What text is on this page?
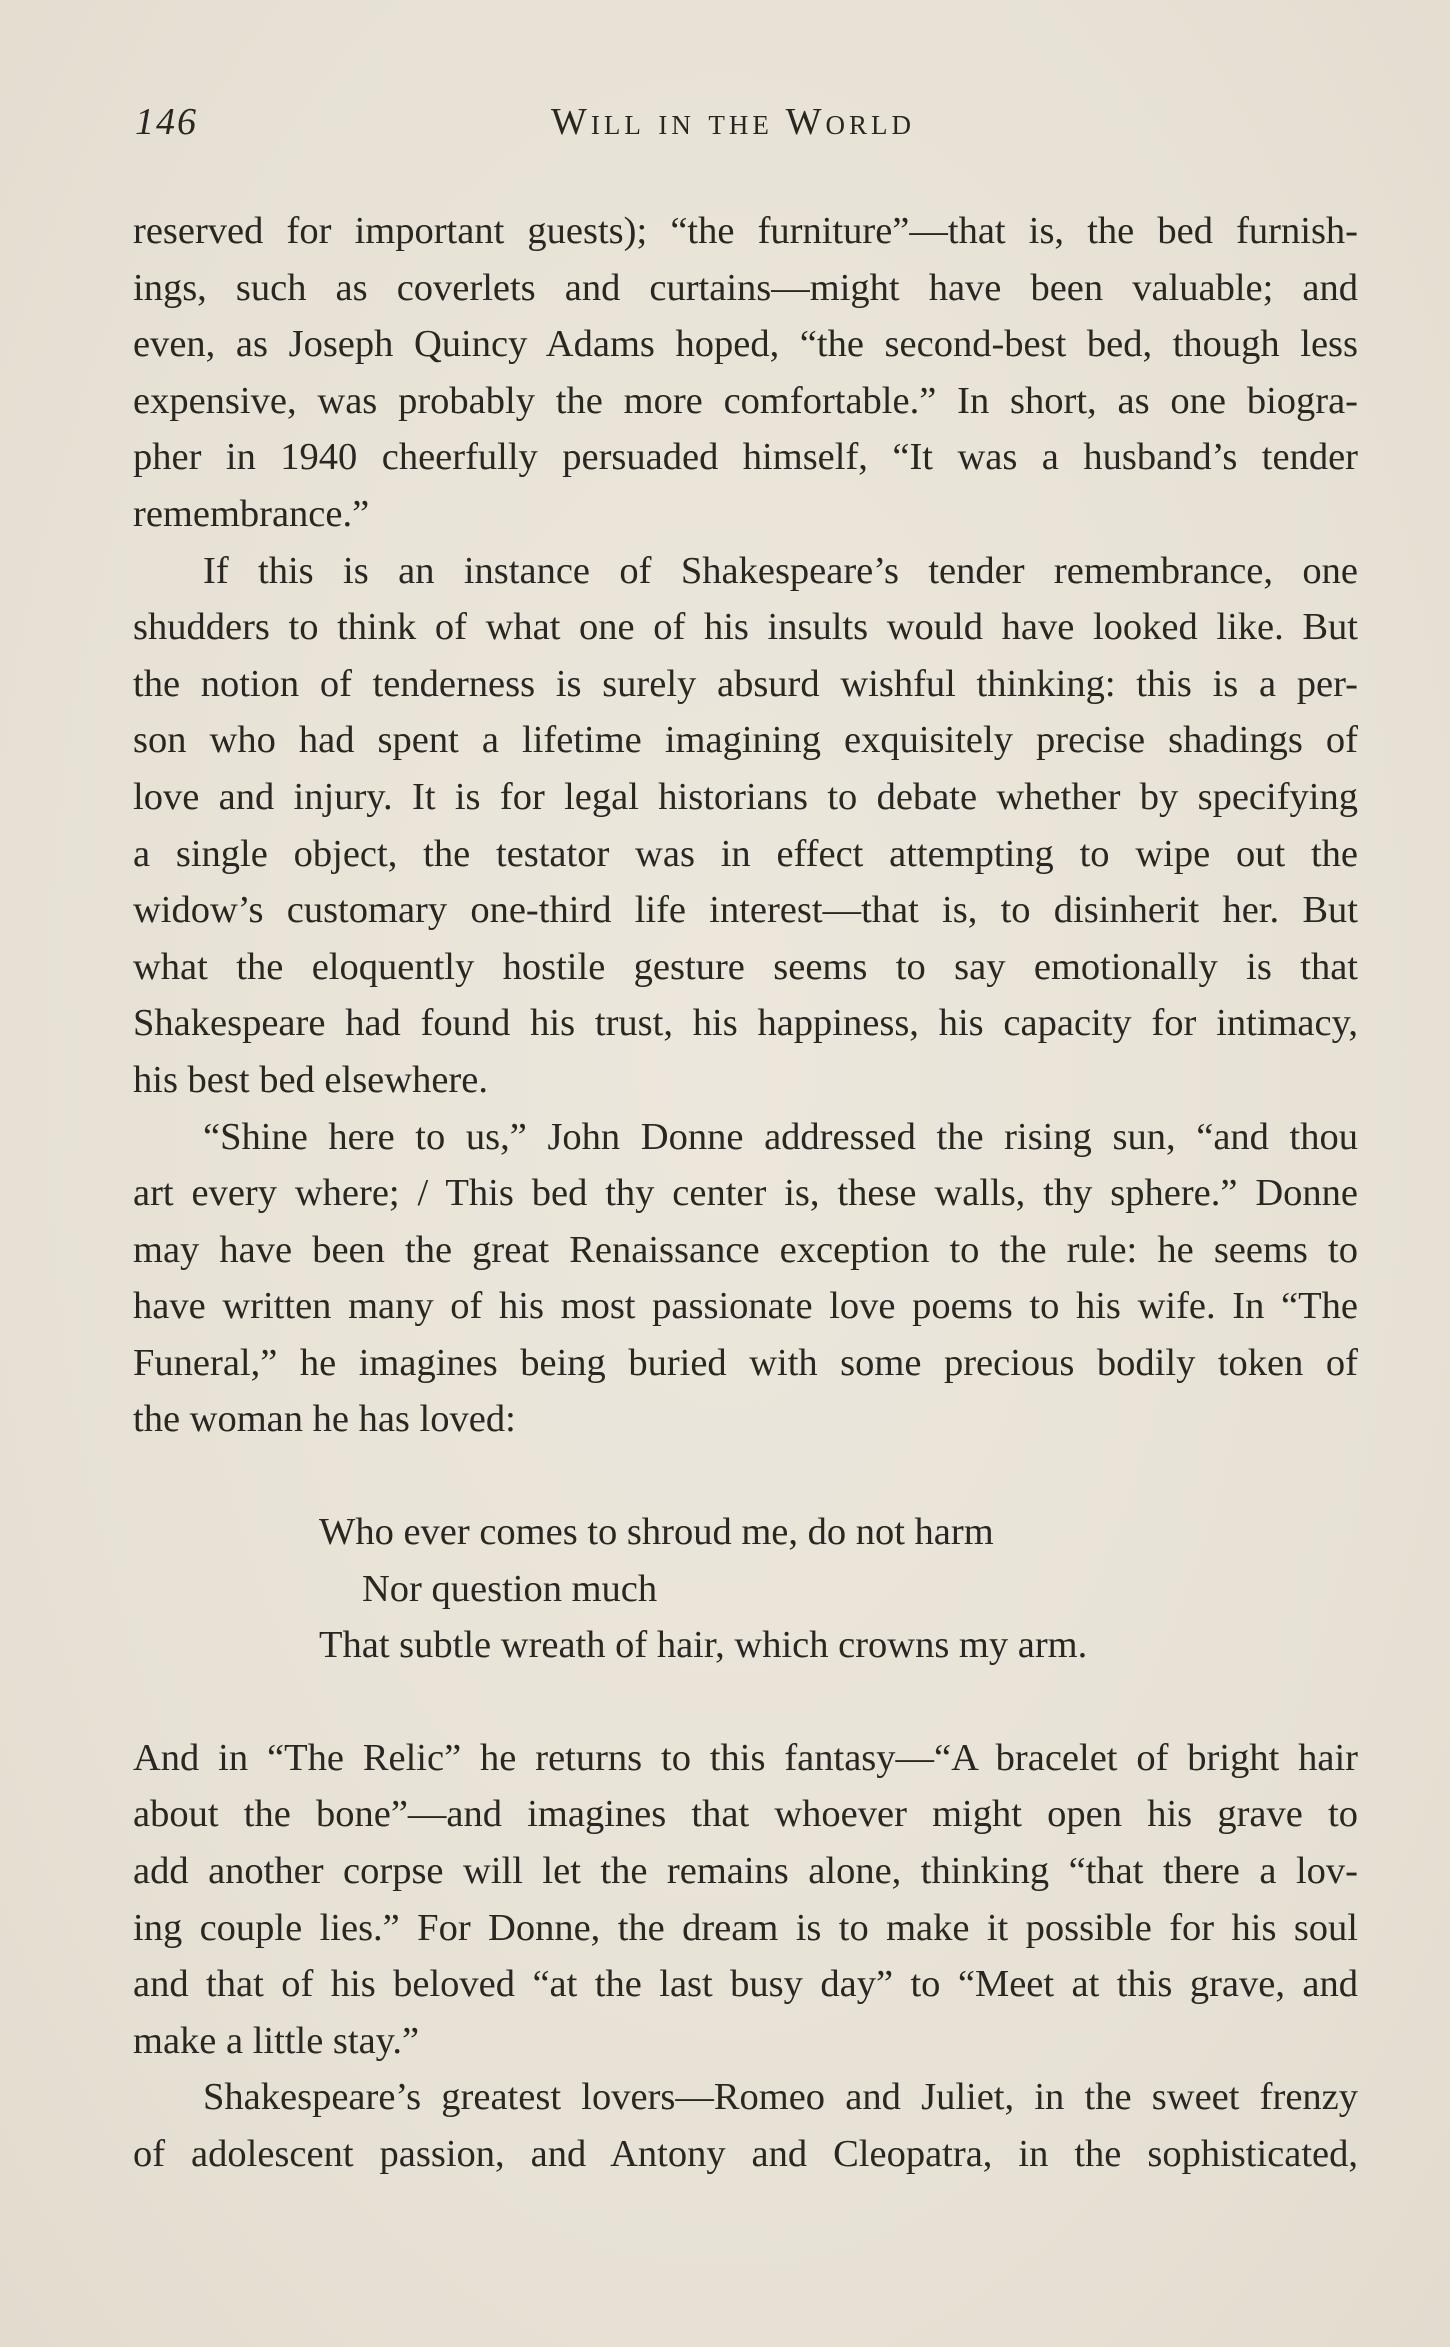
146	Will in the World

reserved for important guests); “the furniture”—that is, the bed furnish-
ings, such as coverlets and curtains—might have been valuable; and
even, as Joseph Quincy Adams hoped, “the second-best bed, though less
expensive, was probably the more comfortable.” In short, as one biogra-
pher in 1940 cheerfully persuaded himself, “It was a husband’s tender
remembrance.”

If this is an instance of Shakespeare’s tender remembrance, one
shudders to think of what one of his insults would have looked like. But
the notion of tenderness is surely absurd wishful thinking: this is a per-
son who had spent a lifetime imagining exquisitely precise shadings of
love and injury. It is for legal historians to debate whether by specifying
a single object, the testator was in effect attempting to wipe out the
widow’s customary one-third life interest—that is, to disinherit her. But
what the eloquently hostile gesture seems to say emotionally is that
Shakespeare had found his trust, his happiness, his capacity for intimacy,
his best bed elsewhere.

“Shine here to us,” John Donne addressed the rising sun, “and thou
art every where; / This bed thy center is, these walls, thy sphere.” Donne
may have been the great Renaissance exception to the rule: he seems to
have written many of his most passionate love poems to his wife. In “The
Funeral,” he imagines being buried with some precious bodily token of
the woman he has loved:

Who ever comes to shroud me, do not harm
Nor question much
That subtle wreath of hair, which crowns my arm.

And in “The Relic” he returns to this fantasy—“A bracelet of bright hair
about the bone”—and imagines that whoever might open his grave to
add another corpse will let the remains alone, thinking “that there a lov-
ing couple lies.” For Donne, the dream is to make it possible for his soul
and that of his beloved “at the last busy day” to “Meet at this grave, and
make a little stay.”

Shakespeare’s greatest lovers—Romeo and Juliet, in the sweet frenzy
of adolescent passion, and Antony and Cleopatra, in the sophisticated,
